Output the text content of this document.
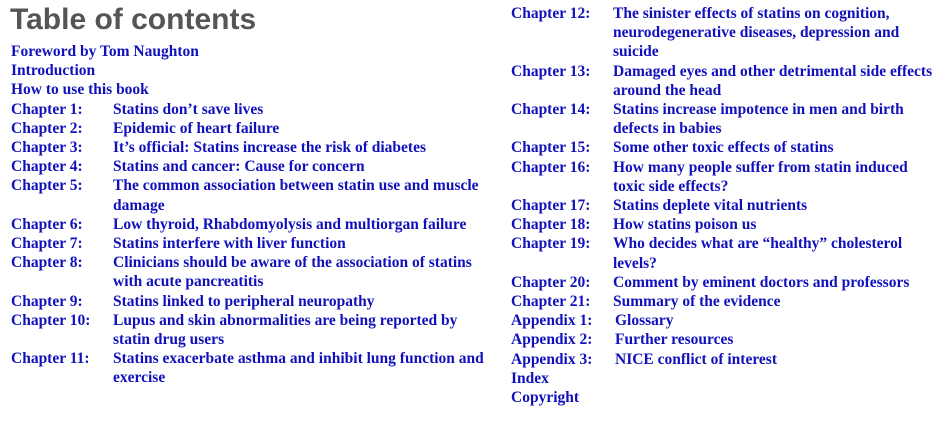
Table of contents
Foreword by Tom Naughton
Introduction
How to use this book
Chapter 1:	Statins don’t save lives
Chapter 2:	Epidemic of heart failure
Chapter 3:	It’s official: Statins increase the risk of diabetes
Chapter 4:	Statins and cancer: Cause for concern
Chapter 5:	The common association between statin use and muscle damage
Chapter 6:	Low thyroid, Rhabdomyolysis and multiorgan failure
Chapter 7:	Statins interfere with liver function
Chapter 8:	Clinicians should be aware of the association of statins with acute pancreatitis
Chapter 9:	Statins linked to peripheral neuropathy
Chapter 10:	Lupus and skin abnormalities are being reported by statin drug users
Chapter 11:	Statins exacerbate asthma and inhibit lung function and exercise
Chapter 12:	The sinister effects of statins on cognition, neurodegenerative diseases, depression and suicide
Chapter 13:	Damaged eyes and other detrimental side effects around the head
Chapter 14:	Statins increase impotence in men and birth defects in babies
Chapter 15:	Some other toxic effects of statins
Chapter 16:	How many people suffer from statin induced toxic side effects?
Chapter 17:	Statins deplete vital nutrients
Chapter 18:	How statins poison us
Chapter 19:	Who decides what are “healthy” cholesterol levels?
Chapter 20:	Comment by eminent doctors and professors
Chapter 21:	Summary of the evidence
Appendix 1:	Glossary
Appendix 2:	Further resources
Appendix 3:	NICE conflict of interest
Index
Copyright
